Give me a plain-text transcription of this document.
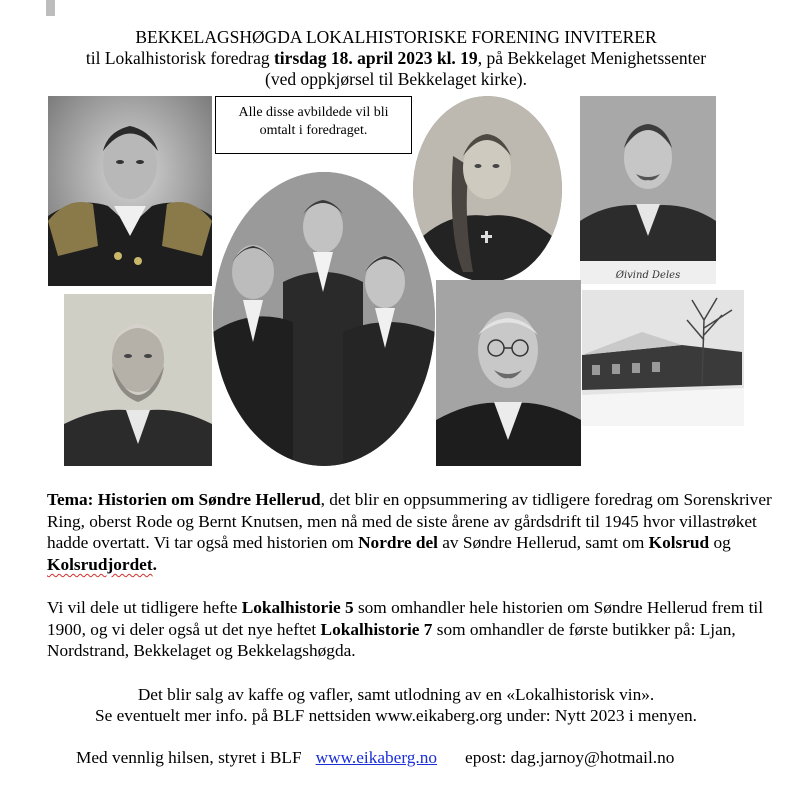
BEKKELAGSHØGDA LOKALHISTORISKE FORENING INVITERER
til Lokalhistorisk foredrag tirsdag 18. april 2023 kl. 19, på Bekkelaget Menighetssenter
(ved oppkjørsel til Bekkelaget kirke).
Øivind Deles
Alle disse avbildede vil bli
omtalt i foredraget.
Tema: Historien om Søndre Hellerud, det blir en oppsummering av tidligere foredrag om Sorenskriver Ring, oberst Rode og Bernt Knutsen, men nå med de siste årene av gårdsdrift til 1945 hvor villastrøket hadde overtatt. Vi tar også med historien om Nordre del av Søndre Hellerud, samt om Kolsrud og Kolsrudjordet.
Vi vil dele ut tidligere hefte Lokalhistorie 5 som omhandler hele historien om Søndre Hellerud frem til 1900, og vi deler også ut det nye heftet Lokalhistorie 7 som omhandler de første butikker på: Ljan, Nordstrand, Bekkelaget og Bekkelagshøgda.
Det blir salg av kaffe og vafler, samt utlodning av en «Lokalhistorisk vin».
Se eventuelt mer info. på BLF nettsiden www.eikaberg.org under: Nytt 2023 i menyen.
Med vennlig hilsen, styret i BLF www.eikaberg.no epost: dag.jarnoy@hotmail.no
